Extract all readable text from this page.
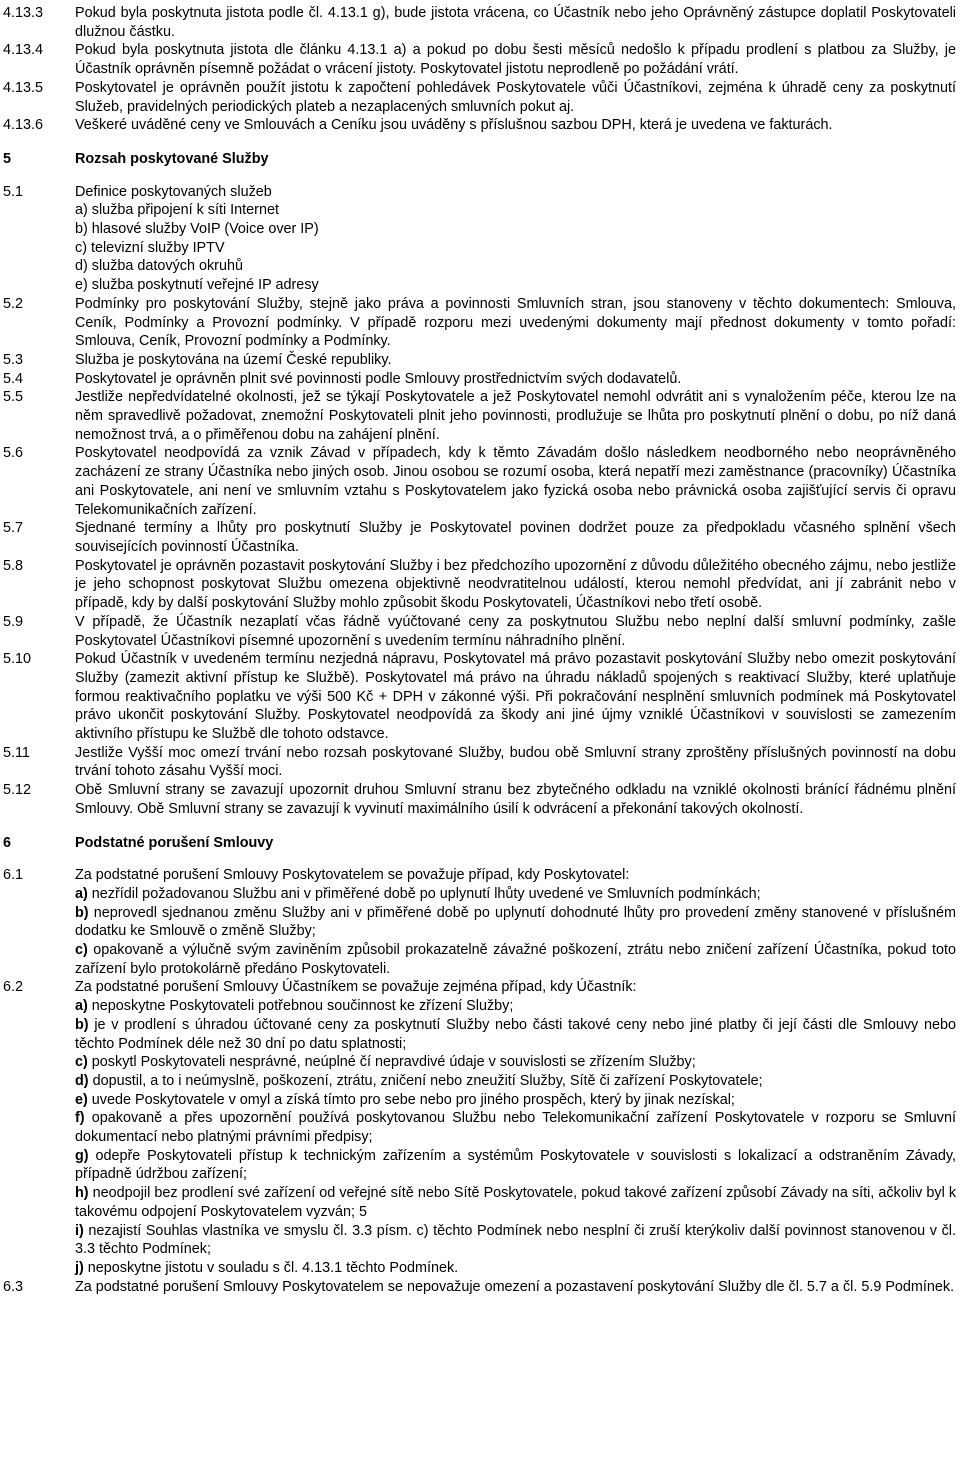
4.13.3	Pokud byla poskytnuta jistota podle čl. 4.13.1 g), bude jistota vrácena, co Účastník nebo jeho Oprávněný zástupce doplatil Poskytovateli dlužnou částku.
4.13.4	Pokud byla poskytnuta jistota dle článku 4.13.1 a) a pokud po dobu šesti měsíců nedošlo k případu prodlení s platbou za Služby, je Účastník oprávněn písemně požádat o vrácení jistoty. Poskytovatel jistotu neprodleně po požádání vrátí.
4.13.5	Poskytovatel je oprávněn použít jistotu k započtení pohledávek Poskytovatele vůči Účastníkovi, zejména k úhradě ceny za poskytnutí Služeb, pravidelných periodických plateb a nezaplacených smluvních pokut aj.
4.13.6	Veškeré uváděné ceny ve Smlouvách a Ceníku jsou uváděny s příslušnou sazbou DPH, která je uvedena ve fakturách.
5	Rozsah poskytované Služby
5.1	Definice poskytovaných služeb
a) služba připojení k síti Internet
b) hlasové služby VoIP (Voice over IP)
c) televizní služby IPTV
d) služba datových okruhů
e) služba poskytnutí veřejné IP adresy
5.2	Podmínky pro poskytování Služby, stejně jako práva a povinnosti Smluvních stran, jsou stanoveny v těchto dokumentech: Smlouva, Ceník, Podmínky a Provozní podmínky. V případě rozporu mezi uvedenými dokumenty mají přednost dokumenty v tomto pořadí: Smlouva, Ceník, Provozní podmínky a Podmínky.
5.3	Služba je poskytována na území České republiky.
5.4	Poskytovatel je oprávněn plnit své povinnosti podle Smlouvy prostřednictvím svých dodavatelů.
5.5	Jestliže nepředvídatelné okolnosti, jež se týkají Poskytovatele a jež Poskytovatel nemohl odvrátit ani s vynaložením péče, kterou lze na něm spravedlivě požadovat, znemožní Poskytovateli plnit jeho povinnosti, prodlužuje se lhůta pro poskytnutí plnění o dobu, po níž daná nemožnost trvá, a o přiměřenou dobu na zahájení plnění.
5.6	Poskytovatel neodpovídá za vznik Závad v případech, kdy k těmto Závadám došlo následkem neodborného nebo neoprávněného zacházení ze strany Účastníka nebo jiných osob. Jinou osobou se rozumí osoba, která nepatří mezi zaměstnance (pracovníky) Účastníka ani Poskytovatele, ani není ve smluvním vztahu s Poskytovatelem jako fyzická osoba nebo právnická osoba zajišťující servis či opravu Telekomunikačních zařízení.
5.7	Sjednané termíny a lhůty pro poskytnutí Služby je Poskytovatel povinen dodržet pouze za předpokladu včasného splnění všech souvisejících povinností Účastníka.
5.8	Poskytovatel je oprávněn pozastavit poskytování Služby i bez předchozího upozornění z důvodu důležitého obecného zájmu, nebo jestliže je jeho schopnost poskytovat Službu omezena objektivně neodvratitelnou událostí, kterou nemohl předvídat, ani jí zabránit nebo v případě, kdy by další poskytování Služby mohlo způsobit škodu Poskytovateli, Účastníkovi nebo třetí osobě.
5.9	V případě, že Účastník nezaplatí včas řádně vyúčtované ceny za poskytnutou Službu nebo neplní další smluvní podmínky, zašle Poskytovatel Účastníkovi písemné upozornění s uvedením termínu náhradního plnění.
5.10	Pokud Účastník v uvedeném termínu nezjedná nápravu, Poskytovatel má právo pozastavit poskytování Služby nebo omezit poskytování Služby (zamezit aktivní přístup ke Službě). Poskytovatel má právo na úhradu nákladů spojených s reaktivací Služby, které uplatňuje formou reaktivačního poplatku ve výši 500 Kč + DPH v zákonné výši. Při pokračování nesplnění smluvních podmínek má Poskytovatel právo ukončit poskytování Služby. Poskytovatel neodpovídá za škody ani jiné újmy vzniklé Účastníkovi v souvislosti se zamezením aktivního přístupu ke Službě dle tohoto odstavce.
5.11	Jestliže Vyšší moc omezí trvání nebo rozsah poskytované Služby, budou obě Smluvní strany zproštěny příslušných povinností na dobu trvání tohoto zásahu Vyšší moci.
5.12	Obě Smluvní strany se zavazují upozornit druhou Smluvní stranu bez zbytečného odkladu na vzniklé okolnosti bránící řádnému plnění Smlouvy. Obě Smluvní strany se zavazují k vyvinutí maximálního úsilí k odvrácení a překonání takových okolností.
6	Podstatné porušení Smlouvy
6.1	Za podstatné porušení Smlouvy Poskytovatelem se považuje případ, kdy Poskytovatel:
a) nezřídil požadovanou Službu ani v přiměřené době po uplynutí lhůty uvedené ve Smluvních podmínkách;
b) neprovedl sjednanou změnu Služby ani v přiměřené době po uplynutí dohodnuté lhůty pro provedení změny stanovené v příslušném dodatku ke Smlouvě o změně Služby;
c) opakovaně a výlučně svým zaviněním způsobil prokazatelně závažné poškození, ztrátu nebo zničení zařízení Účastníka, pokud toto zařízení bylo protokolárně předáno Poskytovateli.
6.2	Za podstatné porušení Smlouvy Účastníkem se považuje zejména případ, kdy Účastník:
a) neposkytne Poskytovateli potřebnou součinnost ke zřízení Služby;
b) je v prodlení s úhradou účtované ceny za poskytnutí Služby nebo části takové ceny nebo jiné platby či její části dle Smlouvy nebo těchto Podmínek déle než 30 dní po datu splatnosti;
c) poskytl Poskytovateli nesprávné, neúplné čí nepravdivé údaje v souvislosti se zřízením Služby;
d) dopustil, a to i neúmyslně, poškození, ztrátu, zničení nebo zneužití Služby, Sítě či zařízení Poskytovatele;
e) uvede Poskytovatele v omyl a získá tímto pro sebe nebo pro jiného prospěch, který by jinak nezískal;
f) opakovaně a přes upozornění používá poskytovanou Službu nebo Telekomunikační zařízení Poskytovatele v rozporu se Smluvní dokumentací nebo platnými právními předpisy;
g) odepře Poskytovateli přístup k technickým zařízením a systémům Poskytovatele v souvislosti s lokalizací a odstraněním Závady, případně údržbou zařízení;
h) neodpojil bez prodlení své zařízení od veřejné sítě nebo Sítě Poskytovatele, pokud takové zařízení způsobí Závady na síti, ačkoliv byl k takovému odpojení Poskytovatelem vyzván; 5
i) nezajistí Souhlas vlastníka ve smyslu čl. 3.3 písm. c) těchto Podmínek nebo nesplní či zruší kterýkoliv další povinnost stanovenou v čl. 3.3 těchto Podmínek;
j) neposkytne jistotu v souladu s čl. 4.13.1 těchto Podmínek.
6.3	Za podstatné porušení Smlouvy Poskytovatelem se nepovažuje omezení a pozastavení poskytování Služby dle čl. 5.7 a čl. 5.9 Podmínek.
